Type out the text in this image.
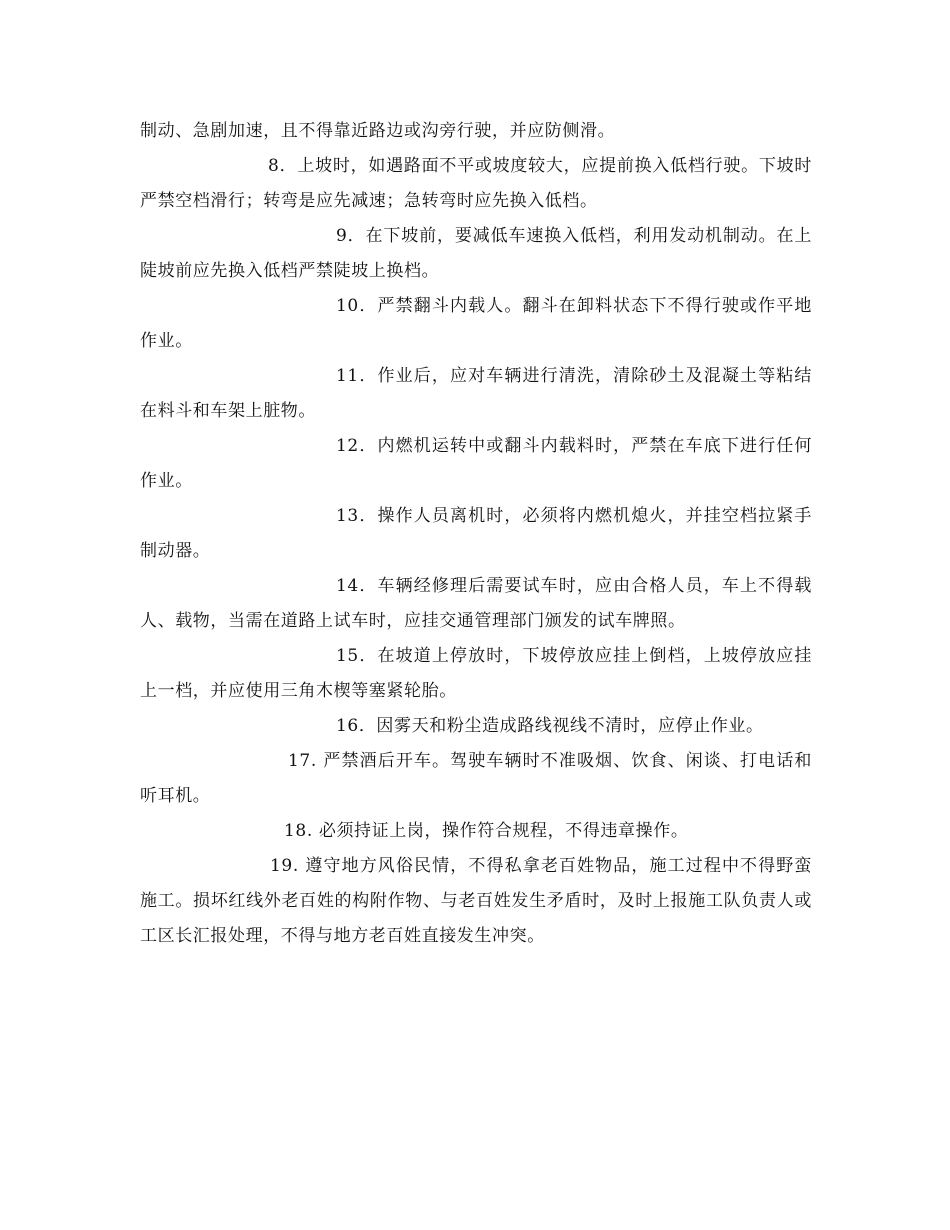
制动、急剧加速，且不得靠近路边或沟旁行驶，并应防侧滑。

8．上坡时，如遇路面不平或坡度较大，应提前换入低档行驶。下坡时严禁空档滑行；转弯是应先减速；急转弯时应先换入低档。

9．在下坡前，要减低车速换入低档，利用发动机制动。在上陡坡前应先换入低档严禁陡坡上换档。

10．严禁翻斗内载人。翻斗在卸料状态下不得行驶或作平地作业。

11．作业后，应对车辆进行清洗，清除砂土及混凝土等粘结在料斗和车架上脏物。

12．内燃机运转中或翻斗内载料时，严禁在车底下进行任何作业。

13．操作人员离机时，必须将内燃机熄火，并挂空档拉紧手制动器。

14．车辆经修理后需要试车时，应由合格人员，车上不得载人、载物，当需在道路上试车时，应挂交通管理部门颁发的试车牌照。

15．在坡道上停放时，下坡停放应挂上倒档，上坡停放应挂上一档，并应使用三角木楔等塞紧轮胎。

16．因雾天和粉尘造成路线视线不清时，应停止作业。

17. 严禁酒后开车。驾驶车辆时不准吸烟、饮食、闲谈、打电话和听耳机。

18. 必须持证上岗，操作符合规程，不得违章操作。

19. 遵守地方风俗民情，不得私拿老百姓物品，施工过程中不得野蛮施工。损坏红线外老百姓的构附作物、与老百姓发生矛盾时，及时上报施工队负责人或工区长汇报处理，不得与地方老百姓直接发生冲突。
